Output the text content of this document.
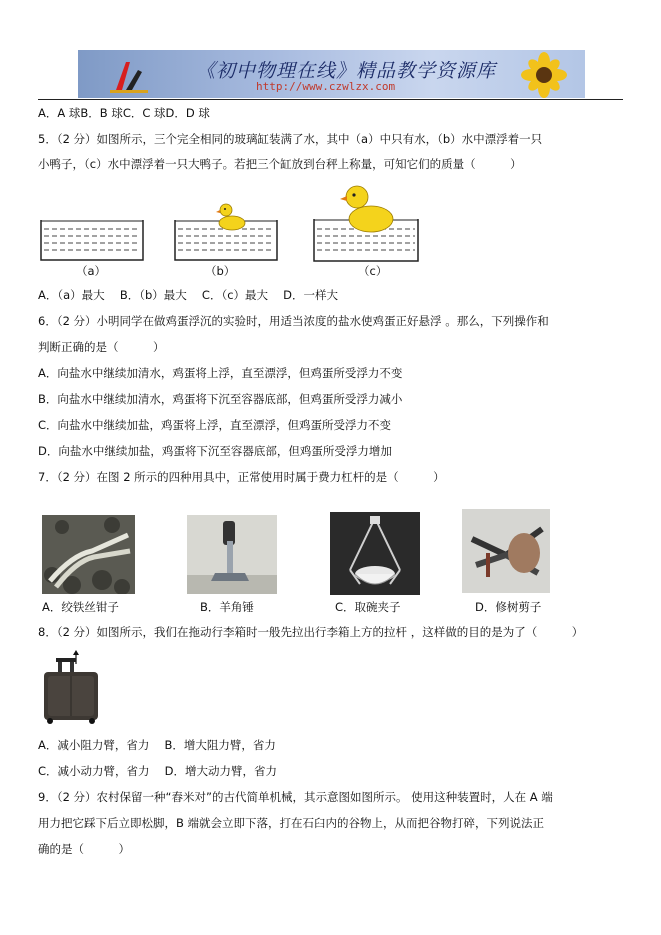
《初中物理在线》精品教学资源库
http://www.czwlzx.com
A．A 球B．B 球C．C 球D．D 球
5．（2 分）如图所示，三个完全相同的玻璃缸装满了水，其中（a）中只有水，（b）水中漂浮着一只
小鸭子，（c）水中漂浮着一只大鸭子。若把三个缸放到台秤上称量，可知它们的质量（　　　）
（a）	（b）	（c）
A．（a）最大　 B．（b）最大　 C．（c）最大　 D．一样大
6．（2 分）小明同学在做鸡蛋浮沉的实验时，用适当浓度的盐水使鸡蛋正好悬浮 。那么，下列操作和
判断正确的是（　　　）
A．向盐水中继续加清水，鸡蛋将上浮，直至漂浮，但鸡蛋所受浮力不变
B．向盐水中继续加清水，鸡蛋将下沉至容器底部，但鸡蛋所受浮力减小
C．向盐水中继续加盐，鸡蛋将上浮，直至漂浮，但鸡蛋所受浮力不变
D．向盐水中继续加盐，鸡蛋将下沉至容器底部，但鸡蛋所受浮力增加
7．（2 分）在图 2 所示的四种用具中，正常使用时属于费力杠杆的是（　　　）
A．绞铁丝钳子	B．羊角锤	C．取碗夹子	D．修树剪子
8．（2 分）如图所示，我们在拖动行李箱时一般先拉出行李箱上方的拉杆 ，这样做的目的是为了（　　　）
A．减小阻力臂，省力　 B．增大阻力臂，省力
C．减小动力臂，省力　 D．增大动力臂，省力
9．（2 分）农村保留一种“舂米对”的古代简单机械，其示意图如图所示。 使用这种装置时，人在 A 端
用力把它踩下后立即松脚，B 端就会立即下落，打在石臼内的谷物上，从而把谷物打碎，下列说法正
确的是（　　　）
